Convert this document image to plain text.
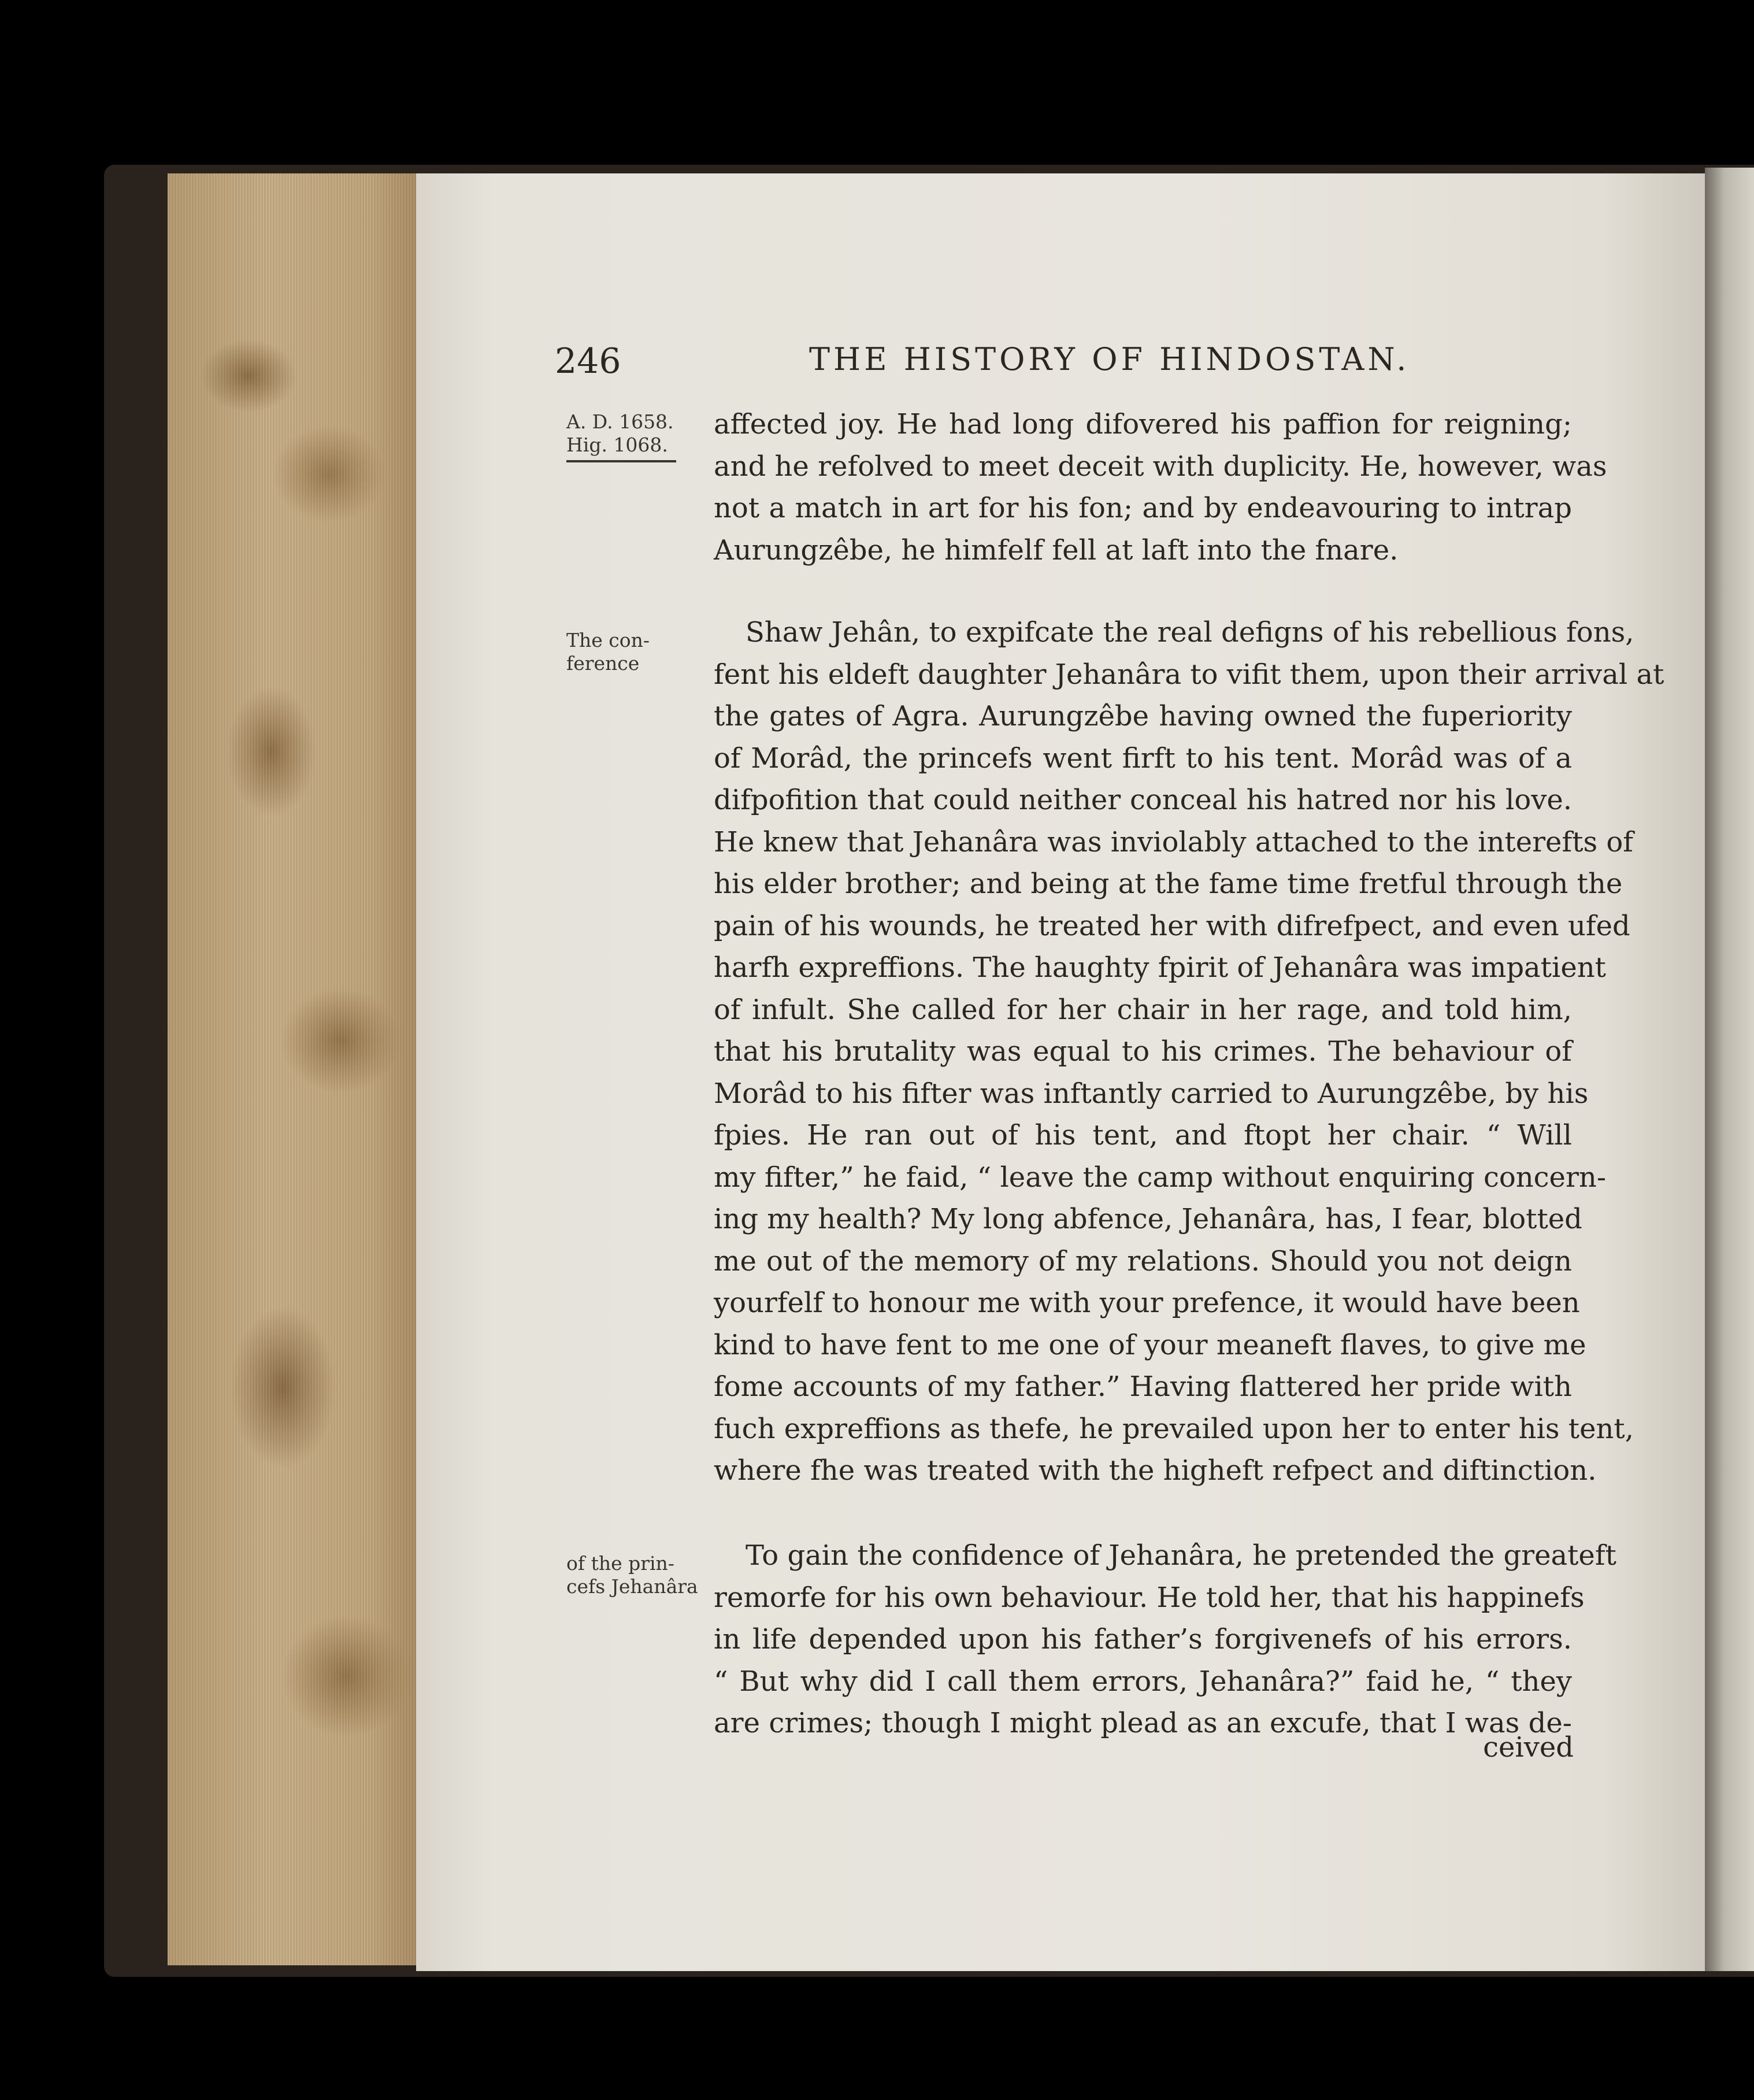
246	THE HISTORY OF HINDOSTAN.
A. D. 1658.
Hig. 1068.
The con-
ference
of the prin-
cefs Jehanâra
affected joy. He had long difovered his paffion for reigning;
and he refolved to meet deceit with duplicity. He, however, was
not a match in art for his fon; and by endeavouring to intrap
Aurungzêbe, he himfelf fell at laft into the fnare.
Shaw Jehân, to expifcate the real defigns of his rebellious fons,
fent his eldeft daughter Jehanâra to vifit them, upon their arrival at
the gates of Agra. Aurungzêbe having owned the fuperiority
of Morâd, the princefs went firft to his tent. Morâd was of a
difpofition that could neither conceal his hatred nor his love.
He knew that Jehanâra was inviolably attached to the interefts of
his elder brother; and being at the fame time fretful through the
pain of his wounds, he treated her with difrefpect, and even ufed
harfh expreffions. The haughty fpirit of Jehanâra was impatient
of infult. She called for her chair in her rage, and told him,
that his brutality was equal to his crimes. The behaviour of
Morâd to his fifter was inftantly carried to Aurungzêbe, by his
fpies. He ran out of his tent, and ftopt her chair. “ Will
my fifter,” he faid, “ leave the camp without enquiring concern-
ing my health? My long abfence, Jehanâra, has, I fear, blotted
me out of the memory of my relations. Should you not deign
yourfelf to honour me with your prefence, it would have been
kind to have fent to me one of your meaneft flaves, to give me
fome accounts of my father.” Having flattered her pride with
fuch expreffions as thefe, he prevailed upon her to enter his tent,
where fhe was treated with the higheft refpect and diftinction.
To gain the confidence of Jehanâra, he pretended the greateft
remorfe for his own behaviour. He told her, that his happinefs
in life depended upon his father’s forgivenefs of his errors.
“ But why did I call them errors, Jehanâra?” faid he, “ they
are crimes; though I might plead as an excufe, that I was de-
ceived
